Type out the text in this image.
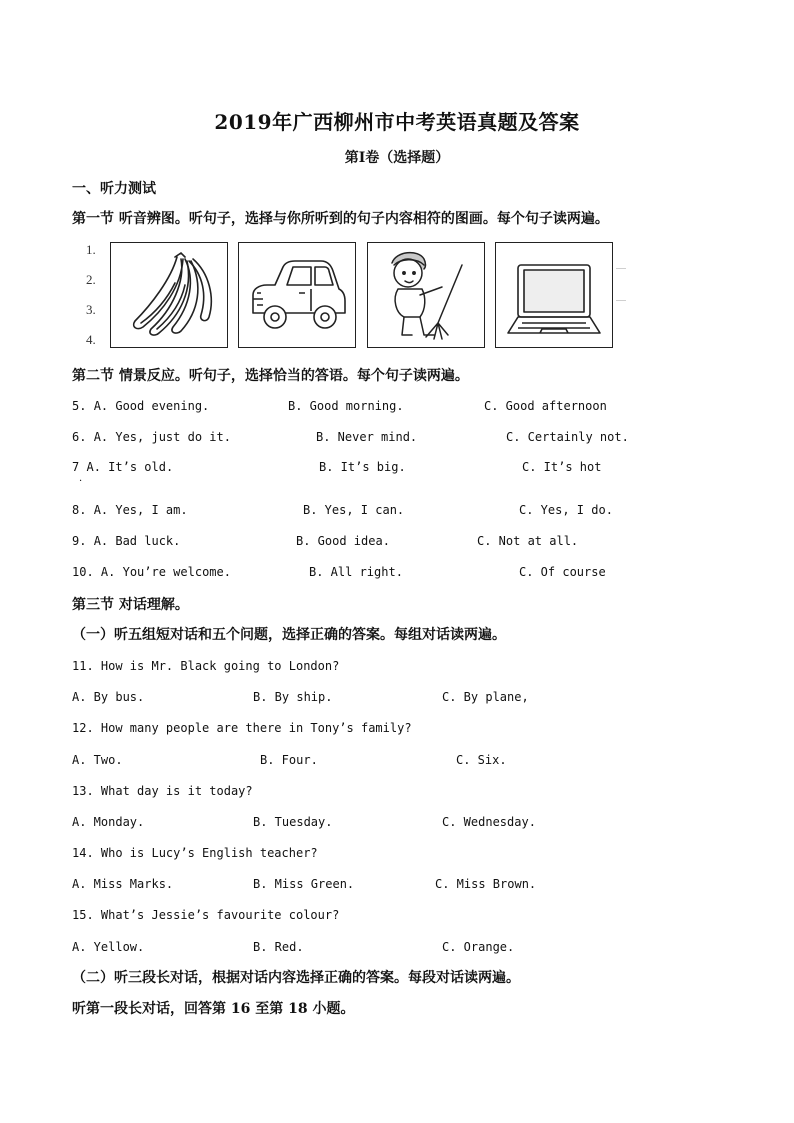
2019年广西柳州市中考英语真题及答案
第Ⅰ卷（选择题）
一、听力测试
第一节 听音辨图。听句子，选择与你所听到的句子内容相符的图画。每个句子读两遍。
1.
2.
3.
4.
第二节 情景反应。听句子，选择恰当的答语。每个句子读两遍。
5. A. Good evening.	B. Good morning.	C. Good afternoon
6. A. Yes, just do it.	B. Never mind.	C. Certainly not.
7 A. It’s old.
·
B. It’s big.	C. It’s hot
8. A. Yes, I am.	B. Yes, I can.	C. Yes, I do.
9. A. Bad luck.	B. Good idea.	C. Not at all.
10. A. You’re welcome.	B. All right.	C. Of course
第三节 对话理解。
（一）听五组短对话和五个问题，选择正确的答案。每组对话读两遍。
11. How is Mr. Black going to London?
A. By bus.	B. By ship.	C. By plane,
12. How many people are there in Tony’s family?
A. Two.	B. Four.	C. Six.
13. What day is it today?
A. Monday.	B. Tuesday.	C. Wednesday.
14. Who is Lucy’s English teacher?
A. Miss Marks.	B. Miss Green.	C. Miss Brown.
15. What’s Jessie’s favourite colour?
A. Yellow.	B. Red.	C. Orange.
（二）听三段长对话，根据对话内容选择正确的答案。每段对话读两遍。
听第一段长对话，回答第 16 至第 18 小题。
